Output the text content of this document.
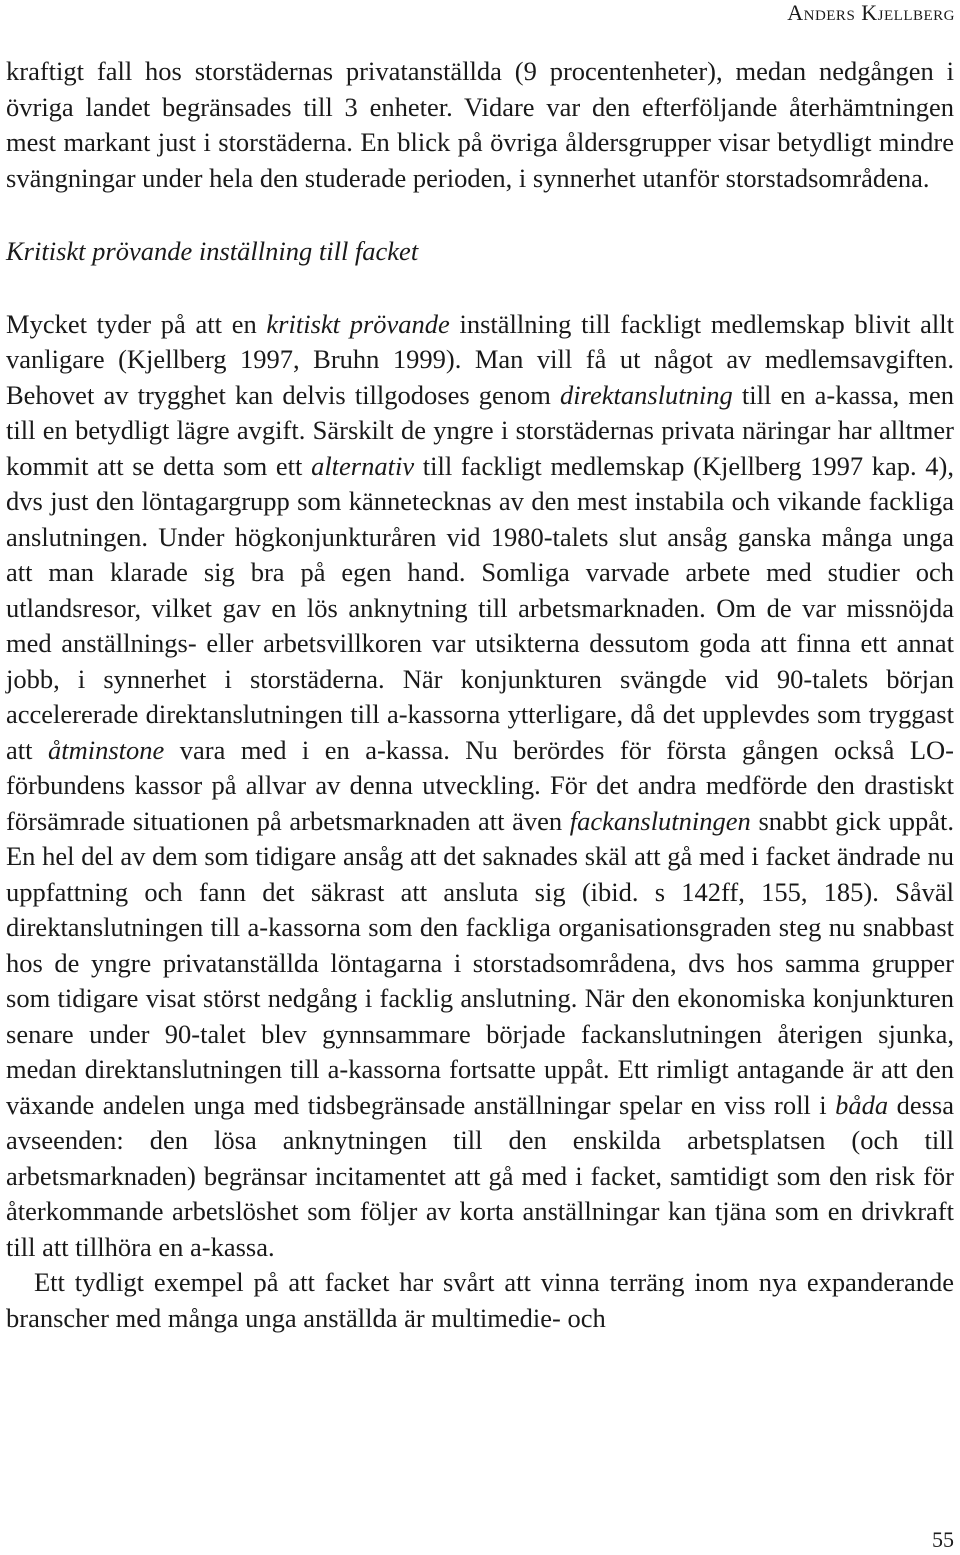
Anders Kjellberg

kraftigt fall hos storstädernas privatanställda (9 procentenheter), medan nedgången i övriga landet begränsades till 3 enheter. Vidare var den efterföljande återhämtningen mest markant just i storstäderna. En blick på övriga åldersgrupper visar betydligt mindre svängningar under hela den studerade perioden, i synnerhet utanför storstadsområdena.

Kritiskt prövande inställning till facket

Mycket tyder på att en kritiskt prövande inställning till fackligt medlemskap blivit allt vanligare (Kjellberg 1997, Bruhn 1999). Man vill få ut något av medlemsavgiften. Behovet av trygghet kan delvis tillgodoses genom direktanslutning till en a-kassa, men till en betydligt lägre avgift. Särskilt de yngre i storstädernas privata näringar har alltmer kommit att se detta som ett alternativ till fackligt medlemskap (Kjellberg 1997 kap. 4), dvs just den löntagargrupp som kännetecknas av den mest instabila och vikande fackliga anslutningen. Under högkonjunkturåren vid 1980-talets slut ansåg ganska många unga att man klarade sig bra på egen hand. Somliga varvade arbete med studier och utlandsresor, vilket gav en lös anknytning till arbetsmarknaden. Om de var missnöjda med anställnings- eller arbetsvillkoren var utsikterna dessutom goda att finna ett annat jobb, i synnerhet i storstäderna. När konjunkturen svängde vid 90-talets början accelererade direktanslutningen till a-kassorna ytterligare, då det upplevdes som tryggast att åtminstone vara med i en a-kassa. Nu berördes för första gången också LO-förbundens kassor på allvar av denna utveckling. För det andra medförde den drastiskt försämrade situationen på arbetsmarknaden att även fackanslutningen snabbt gick uppåt. En hel del av dem som tidigare ansåg att det saknades skäl att gå med i facket ändrade nu uppfattning och fann det säkrast att ansluta sig (ibid. s 142ff, 155, 185). Såväl direktanslutningen till a-kassorna som den fackliga organisationsgraden steg nu snabbast hos de yngre privatanställda löntagarna i storstadsområdena, dvs hos samma grupper som tidigare visat störst nedgång i facklig anslutning. När den ekonomiska konjunkturen senare under 90-talet blev gynnsammare började fackanslutningen återigen sjunka, medan direktanslutningen till a-kassorna fortsatte uppåt. Ett rimligt antagande är att den växande andelen unga med tidsbegränsade anställningar spelar en viss roll i båda dessa avseenden: den lösa anknytningen till den enskilda arbetsplatsen (och till arbetsmarknaden) begränsar incitamentet att gå med i facket, samtidigt som den risk för återkommande arbetslöshet som följer av korta anställningar kan tjäna som en drivkraft till att tillhöra en a-kassa.

Ett tydligt exempel på att facket har svårt att vinna terräng inom nya expanderande branscher med många unga anställda är multimedie- och

55
